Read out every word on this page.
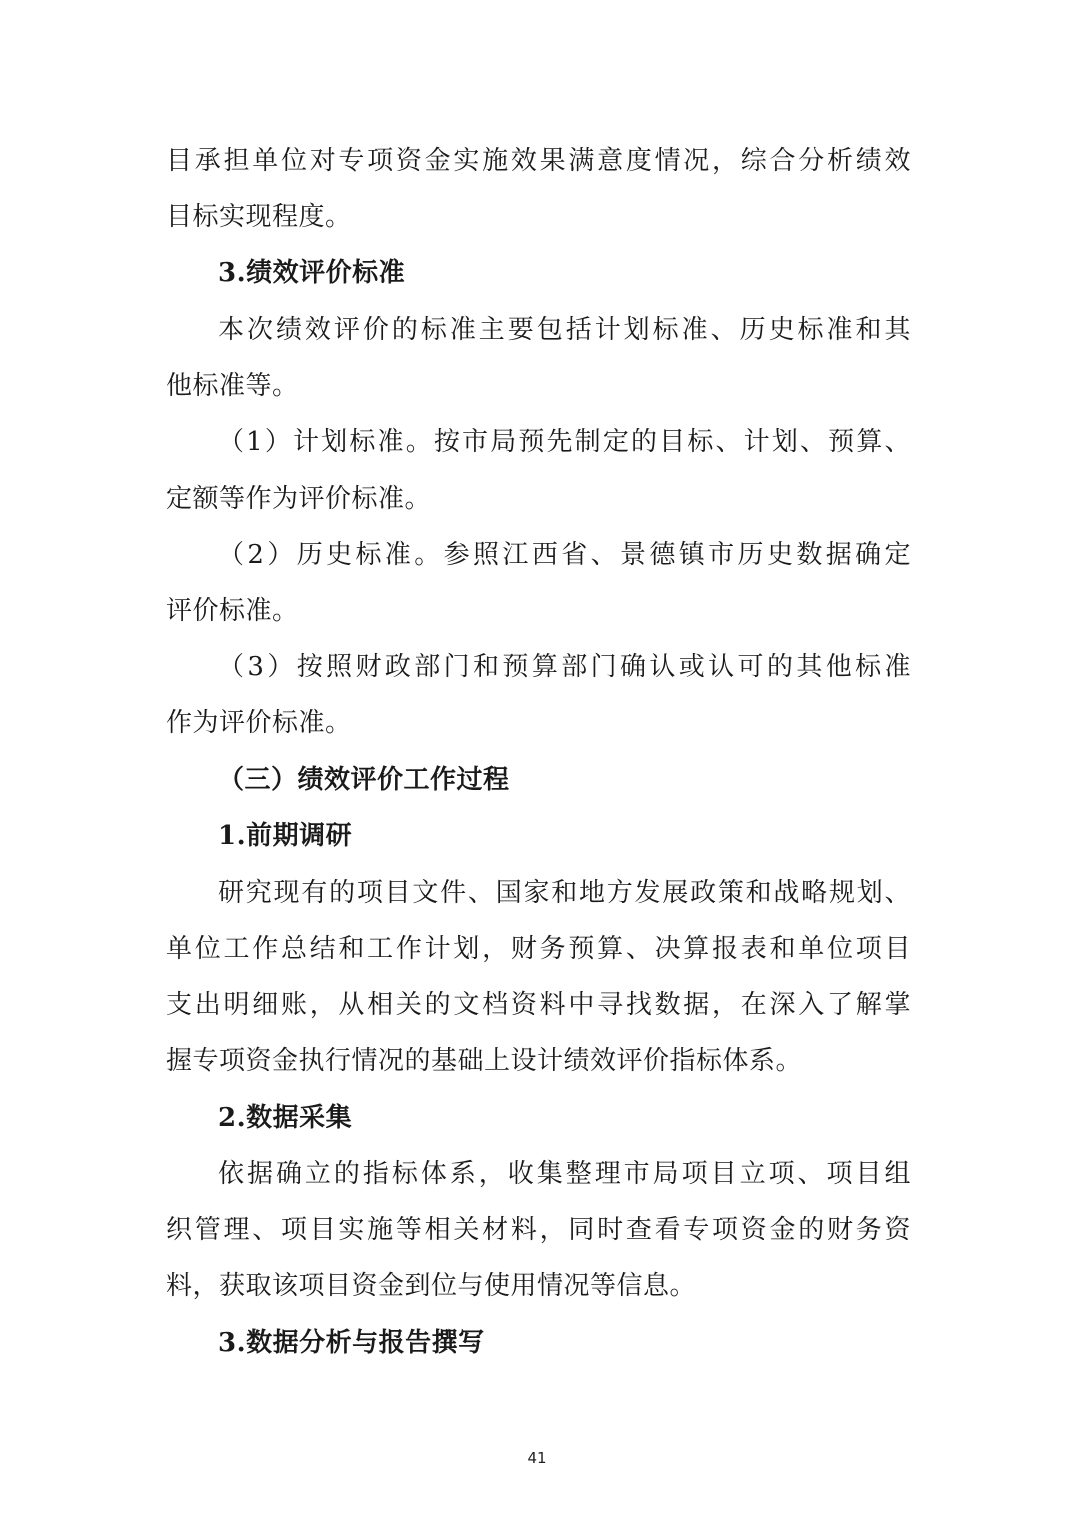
目承担单位对专项资金实施效果满意度情况，综合分析绩效
目标实现程度。
3.绩效评价标准
本次绩效评价的标准主要包括计划标准、历史标准和其
他标准等。
（1）计划标准。按市局预先制定的目标、计划、预算、
定额等作为评价标准。
（2）历史标准。参照江西省、景德镇市历史数据确定
评价标准。
（3）按照财政部门和预算部门确认或认可的其他标准
作为评价标准。
（三）绩效评价工作过程
1.前期调研
研究现有的项目文件、国家和地方发展政策和战略规划、
单位工作总结和工作计划，财务预算、决算报表和单位项目
支出明细账，从相关的文档资料中寻找数据，在深入了解掌
握专项资金执行情况的基础上设计绩效评价指标体系。
2.数据采集
依据确立的指标体系，收集整理市局项目立项、项目组
织管理、项目实施等相关材料，同时查看专项资金的财务资
料，获取该项目资金到位与使用情况等信息。
3.数据分析与报告撰写
41
